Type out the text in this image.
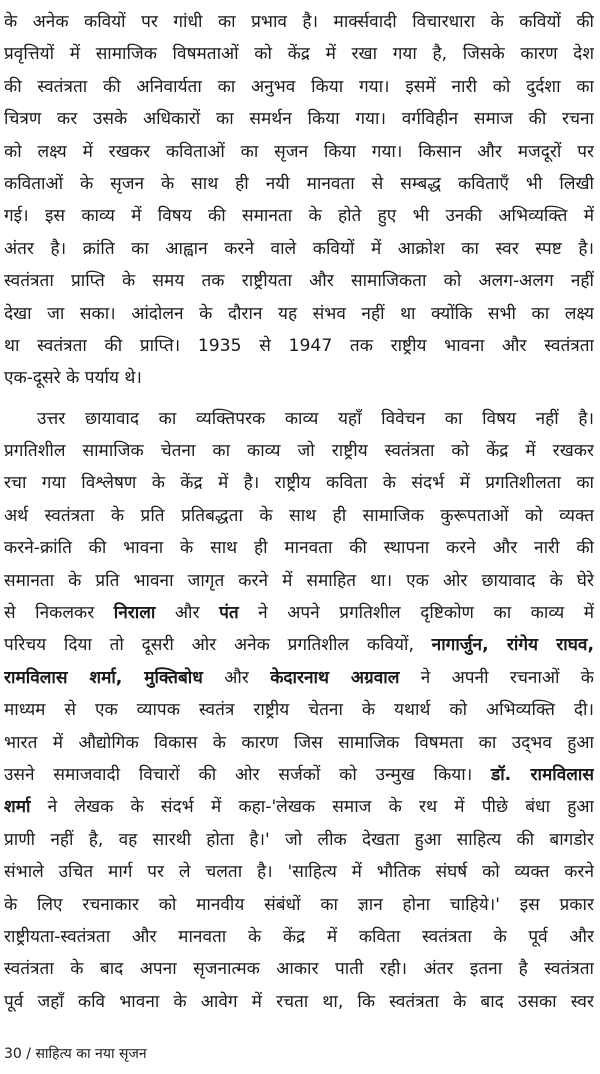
के अनेक कवियों पर गांधी का प्रभाव है। मार्क्सवादी विचारधारा के कवियों की
प्रवृत्तियों में सामाजिक विषमताओं को केंद्र में रखा गया है, जिसके कारण देश
की स्वतंत्रता की अनिवार्यता का अनुभव किया गया। इसमें नारी को दुर्दशा का
चित्रण कर उसके अधिकारों का समर्थन किया गया। वर्गविहीन समाज की रचना
को लक्ष्य में रखकर कविताओं का सृजन किया गया। किसान और मजदूरों पर
कविताओं के सृजन के साथ ही नयी मानवता से सम्बद्ध कविताएँ भी लिखी
गई। इस काव्य में विषय की समानता के होते हुए भी उनकी अभिव्यक्ति में
अंतर है। क्रांति का आह्वान करने वाले कवियों में आक्रोश का स्वर स्पष्ट है।
स्वतंत्रता प्राप्ति के समय तक राष्ट्रीयता और सामाजिकता को अलग-अलग नहीं
देखा जा सका। आंदोलन के दौरान यह संभव नहीं था क्योंकि सभी का लक्ष्य
था स्वतंत्रता की प्राप्ति। 1935 से 1947 तक राष्ट्रीय भावना और स्वतंत्रता
एक-दूसरे के पर्याय थे।
उत्तर छायावाद का व्यक्तिपरक काव्य यहाँ विवेचन का विषय नहीं है।
प्रगतिशील सामाजिक चेतना का काव्य जो राष्ट्रीय स्वतंत्रता को केंद्र में रखकर
रचा गया विश्लेषण के केंद्र में है। राष्ट्रीय कविता के संदर्भ में प्रगतिशीलता का
अर्थ स्वतंत्रता के प्रति प्रतिबद्धता के साथ ही सामाजिक कुरूपताओं को व्यक्त
करने-क्रांति की भावना के साथ ही मानवता की स्थापना करने और नारी की
समानता के प्रति भावना जागृत करने में समाहित था। एक ओर छायावाद के घेरे
से निकलकर निराला और पंत ने अपने प्रगतिशील दृष्टिकोण का काव्य में
परिचय दिया तो दूसरी ओर अनेक प्रगतिशील कवियों, नागार्जुन, रांगेय राघव,
रामविलास शर्मा, मुक्तिबोध और केदारनाथ अग्रवाल ने अपनी रचनाओं के
माध्यम से एक व्यापक स्वतंत्र राष्ट्रीय चेतना के यथार्थ को अभिव्यक्ति दी।
भारत में औद्योगिक विकास के कारण जिस सामाजिक विषमता का उद्‌भव हुआ
उसने समाजवादी विचारों की ओर सर्जकों को उन्मुख किया। डॉ. रामविलास
शर्मा ने लेखक के संदर्भ में कहा-'लेखक समाज के रथ में पीछे बंधा हुआ
प्राणी नहीं है, वह सारथी होता है।' जो लीक देखता हुआ साहित्य की बागडोर
संभाले उचित मार्ग पर ले चलता है। 'साहित्य में भौतिक संघर्ष को व्यक्त करने
के लिए रचनाकार को मानवीय संबंधों का ज्ञान होना चाहिये।' इस प्रकार
राष्ट्रीयता-स्वतंत्रता और मानवता के केंद्र में कविता स्वतंत्रता के पूर्व और
स्वतंत्रता के बाद अपना सृजनात्मक आकार पाती रही। अंतर इतना है स्वतंत्रता
पूर्व जहाँ कवि भावना के आवेग में रचता था, कि स्वतंत्रता के बाद उसका स्वर
30 / साहित्य का नया सृजन
